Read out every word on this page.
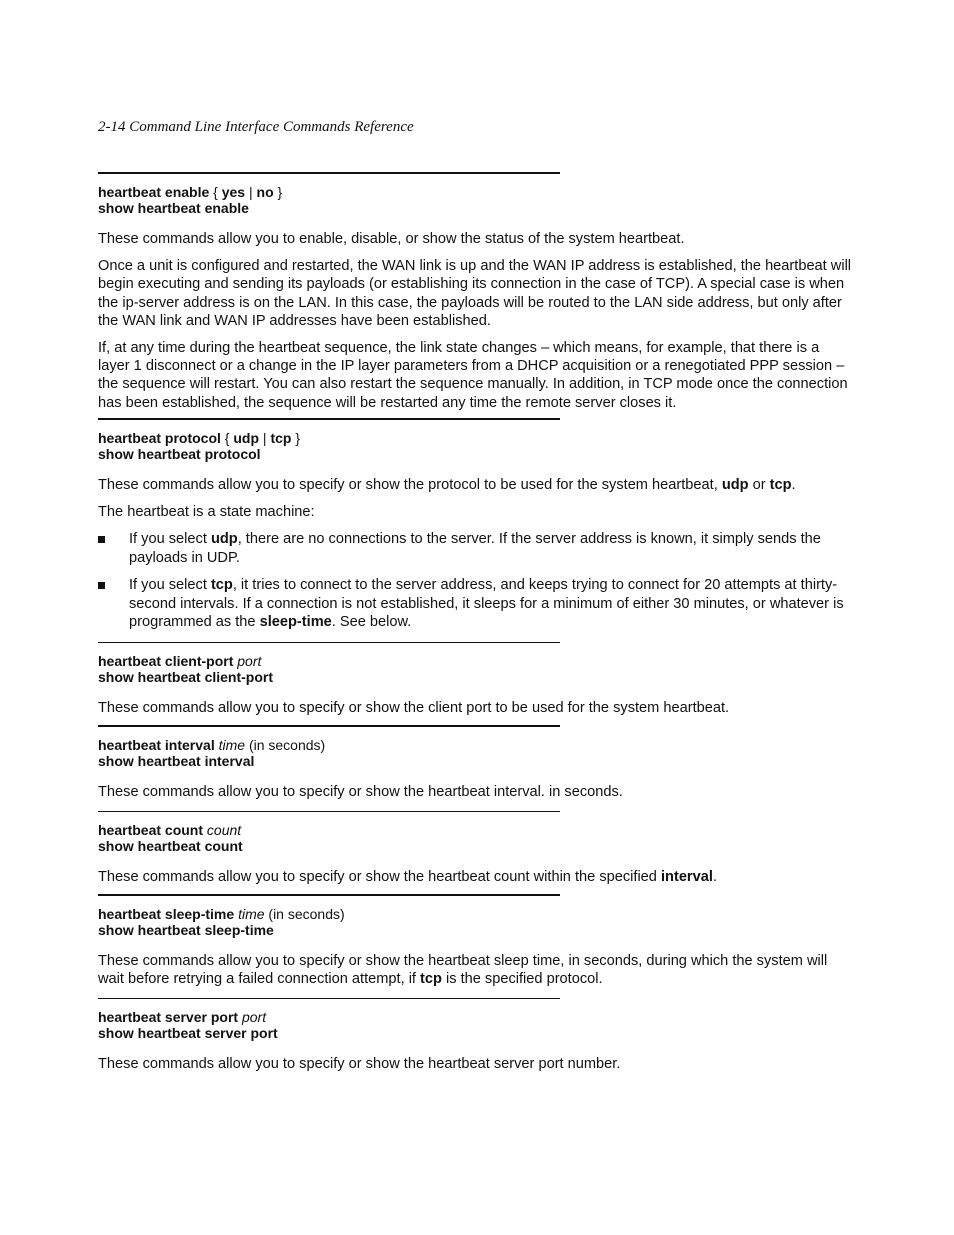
2-14 Command Line Interface Commands Reference
heartbeat enable { yes | no }
show heartbeat enable

These commands allow you to enable, disable, or show the status of the system heartbeat.

Once a unit is configured and restarted, the WAN link is up and the WAN IP address is established, the heartbeat will begin executing and sending its payloads (or establishing its connection in the case of TCP). A special case is when the ip-server address is on the LAN. In this case, the payloads will be routed to the LAN side address, but only after the WAN link and WAN IP addresses have been established.

If, at any time during the heartbeat sequence, the link state changes – which means, for example, that there is a layer 1 disconnect or a change in the IP layer parameters from a DHCP acquisition or a renegotiated PPP session – the sequence will restart. You can also restart the sequence manually. In addition, in TCP mode once the connection has been established, the sequence will be restarted any time the remote server closes it.

heartbeat protocol { udp | tcp }
show heartbeat protocol

These commands allow you to specify or show the protocol to be used for the system heartbeat, udp or tcp.

The heartbeat is a state machine:

If you select udp, there are no connections to the server. If the server address is known, it simply sends the payloads in UDP.
If you select tcp, it tries to connect to the server address, and keeps trying to connect for 20 attempts at thirty-second intervals. If a connection is not established, it sleeps for a minimum of either 30 minutes, or whatever is programmed as the sleep-time. See below.
heartbeat client-port port
show heartbeat client-port

These commands allow you to specify or show the client port to be used for the system heartbeat.

heartbeat interval time (in seconds)
show heartbeat interval

These commands allow you to specify or show the heartbeat interval. in seconds.

heartbeat count count
show heartbeat count

These commands allow you to specify or show the heartbeat count within the specified interval.

heartbeat sleep-time time (in seconds)
show heartbeat sleep-time

These commands allow you to specify or show the heartbeat sleep time, in seconds, during which the system will wait before retrying a failed connection attempt, if tcp is the specified protocol.

heartbeat server port port
show heartbeat server port

These commands allow you to specify or show the heartbeat server port number.
